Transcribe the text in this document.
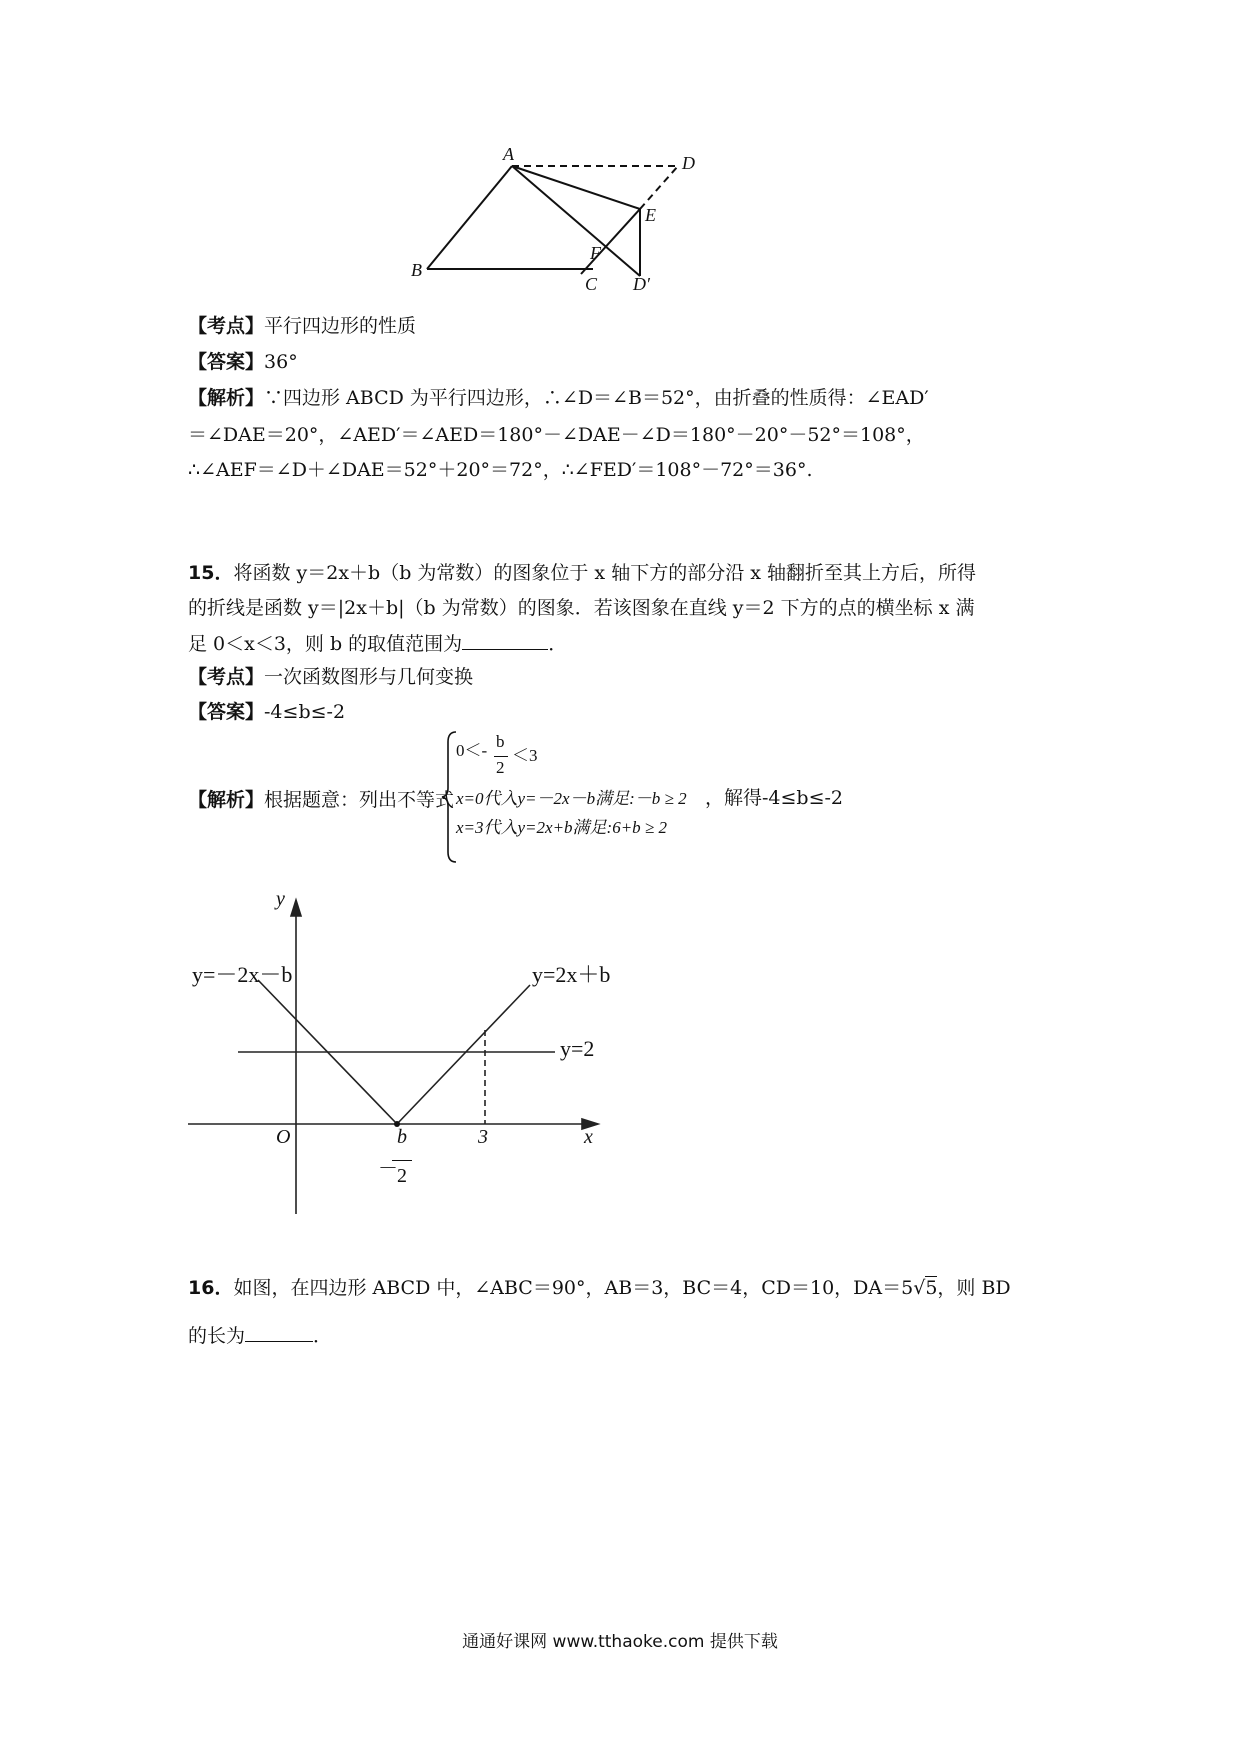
A	D
E
F
B
C D′
【考点】平行四边形的性质
【答案】36°
【解析】∵四边形 ABCD 为平行四边形，∴∠D＝∠B＝52°，由折叠的性质得：∠EAD′
＝∠DAE＝20°，∠AED′＝∠AED＝180°－∠DAE－∠D＝180°－20°－52°＝108°，
∴∠AEF＝∠D＋∠DAE＝52°＋20°＝72°，∴∠FED′＝108°－72°＝36°.
15．将函数 y＝2x＋b（b 为常数）的图象位于 x 轴下方的部分沿 x 轴翻折至其上方后，所得
的折线是函数 y＝|2x＋b|（b 为常数）的图象．若该图象在直线 y＝2 下方的点的横坐标 x 满
足 0＜x＜3，则 b 的取值范围为	．
【考点】一次函数图形与几何变换
【答案】-4≤b≤-2
【解析】根据题意：列出不等式
0＜- b
2
＜3
x=0代入y=－2x－b满足:－b ≥ 2 ，解得-4≤b≤-2
x=3代入y=2x+b满足:6+b ≥ 2
y
x
O
y=－2x－b	y=2x＋b
y=2
3
b
－ 2
16．如图，在四边形 ABCD 中，∠ABC＝90°，AB＝3，BC＝4，CD＝10，DA＝5√5，则 BD
的长为	．
通通好课网 www.tthaoke.com 提供下载
